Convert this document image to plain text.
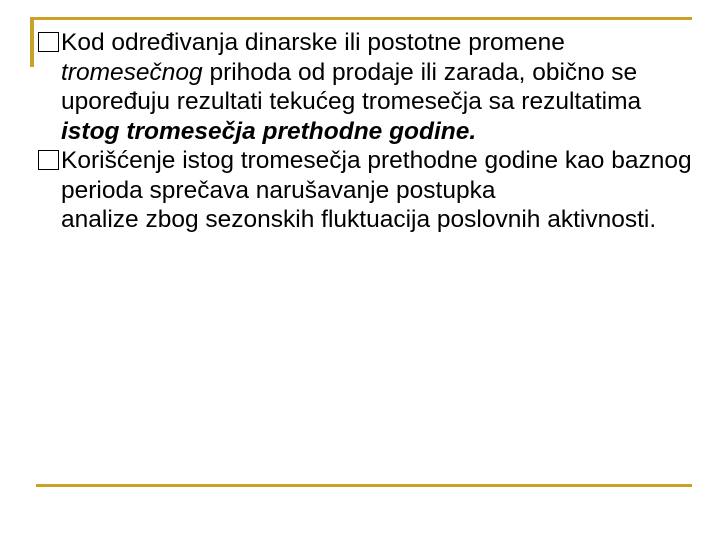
Kod određivanja dinarske ili postotne promene tromesečnog prihoda od prodaje ili zarada, obično se upoređuju rezultati tekućeg tromesečja sa rezultatima istog tromesečja prethodne godine.

Korišćenje istog tromesečja prethodne godine kao baznog perioda sprečava narušavanje postupka

analize zbog sezonskih fluktuacija poslovnih aktivnosti.
